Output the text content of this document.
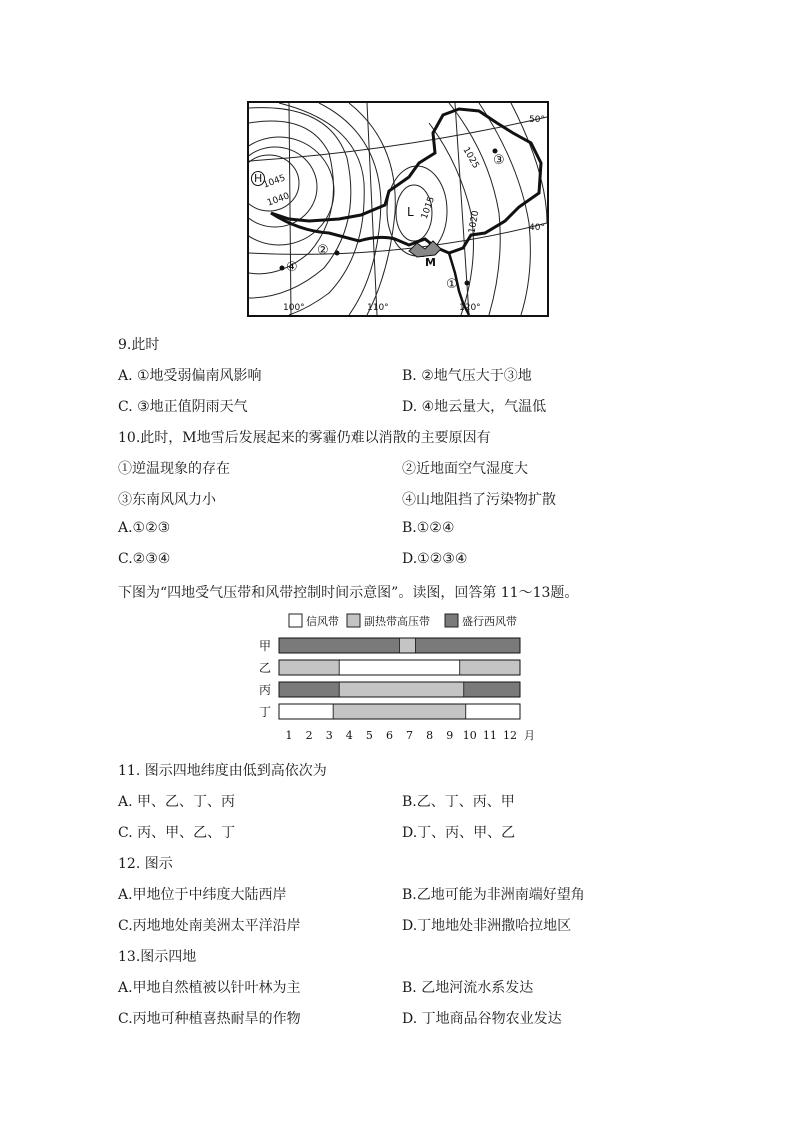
50°
40°
100°	110°	120°
H
L
1045
1040	1015
1020
1025
M
①
②
③
④
9.此时
A. ①地受弱偏南风影响	B. ②地气压大于③地
C. ③地正值阴雨天气	D. ④地云量大，气温低
10.此时，M地雪后发展起来的雾霾仍难以消散的主要原因有
①逆温现象的存在	②近地面空气湿度大
③东南风风力小	④山地阻挡了污染物扩散
A.①②③	B.①②④
C.②③④	D.①②③④
下图为“四地受气压带和风带控制时间示意图”。读图，回答第 11～13题。
信风带 副热带高压带	盛行西风带
甲
乙
丙
丁
1 2 3 4 5 6 7 8 9 10 11 12 月
11. 图示四地纬度由低到高依次为
A. 甲、乙、丁、丙	B.乙、丁、丙、甲
C. 丙、甲、乙、丁	D.丁、丙、甲、乙
12. 图示
A.甲地位于中纬度大陆西岸	B.乙地可能为非洲南端好望角
C.丙地地处南美洲太平洋沿岸	D.丁地地处非洲撒哈拉地区
13.图示四地
A.甲地自然植被以针叶林为主	B. 乙地河流水系发达
C.丙地可种植喜热耐旱的作物	D. 丁地商品谷物农业发达
